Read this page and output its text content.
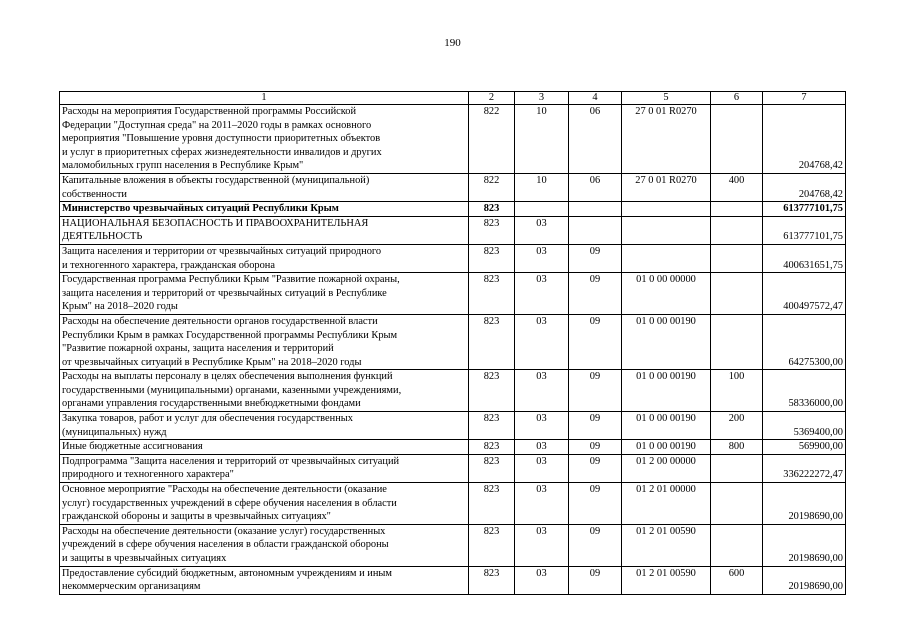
190
1	2	3	4	5	6	7
Расходы на мероприятия Государственной программы Российской
Федерации "Доступная среда" на 2011–2020 годы в рамках основного
мероприятия "Повышение уровня доступности приоритетных объектов
и услуг в приоритетных сферах жизнедеятельности инвалидов и других
маломобильных групп населения в Республике Крым"	822	10	06	27 0 01 R0270		204768,42
Капитальные вложения в объекты государственной (муниципальной)
собственности	822	10	06	27 0 01 R0270	400	204768,42
Министерство чрезвычайных ситуаций Республики Крым	823					613777101,75
НАЦИОНАЛЬНАЯ БЕЗОПАСНОСТЬ И ПРАВООХРАНИТЕЛЬНАЯ
ДЕЯТЕЛЬНОСТЬ	823	03				613777101,75
Защита населения и территории от чрезвычайных ситуаций природного
и техногенного характера, гражданская оборона	823	03	09			400631651,75
Государственная программа Республики Крым "Развитие пожарной охраны,
защита населения и территорий от чрезвычайных ситуаций в Республике
Крым" на 2018–2020 годы	823	03	09	01 0 00 00000		400497572,47
Расходы на обеспечение деятельности органов государственной власти
Республики Крым в рамках Государственной программы Республики Крым
"Развитие пожарной охраны, защита населения и территорий
от чрезвычайных ситуаций в Республике Крым" на 2018–2020 годы	823	03	09	01 0 00 00190		64275300,00
Расходы на выплаты персоналу в целях обеспечения выполнения функций
государственными (муниципальными) органами, казенными учреждениями,
органами управления государственными внебюджетными фондами	823	03	09	01 0 00 00190	100	58336000,00
Закупка товаров, работ и услуг для обеспечения государственных
(муниципальных) нужд	823	03	09	01 0 00 00190	200	5369400,00
Иные бюджетные ассигнования	823	03	09	01 0 00 00190	800	569900,00
Подпрограмма "Защита населения и территорий от чрезвычайных ситуаций
природного и техногенного характера"	823	03	09	01 2 00 00000		336222272,47
Основное мероприятие "Расходы на обеспечение деятельности (оказание
услуг) государственных учреждений в сфере обучения населения в области
гражданской обороны и защиты в чрезвычайных ситуациях"	823	03	09	01 2 01 00000		20198690,00
Расходы на обеспечение деятельности (оказание услуг) государственных
учреждений в сфере обучения населения в области гражданской обороны
и защиты в чрезвычайных ситуациях	823	03	09	01 2 01 00590		20198690,00
Предоставление субсидий бюджетным, автономным учреждениям и иным
некоммерческим организациям	823	03	09	01 2 01 00590	600	20198690,00
